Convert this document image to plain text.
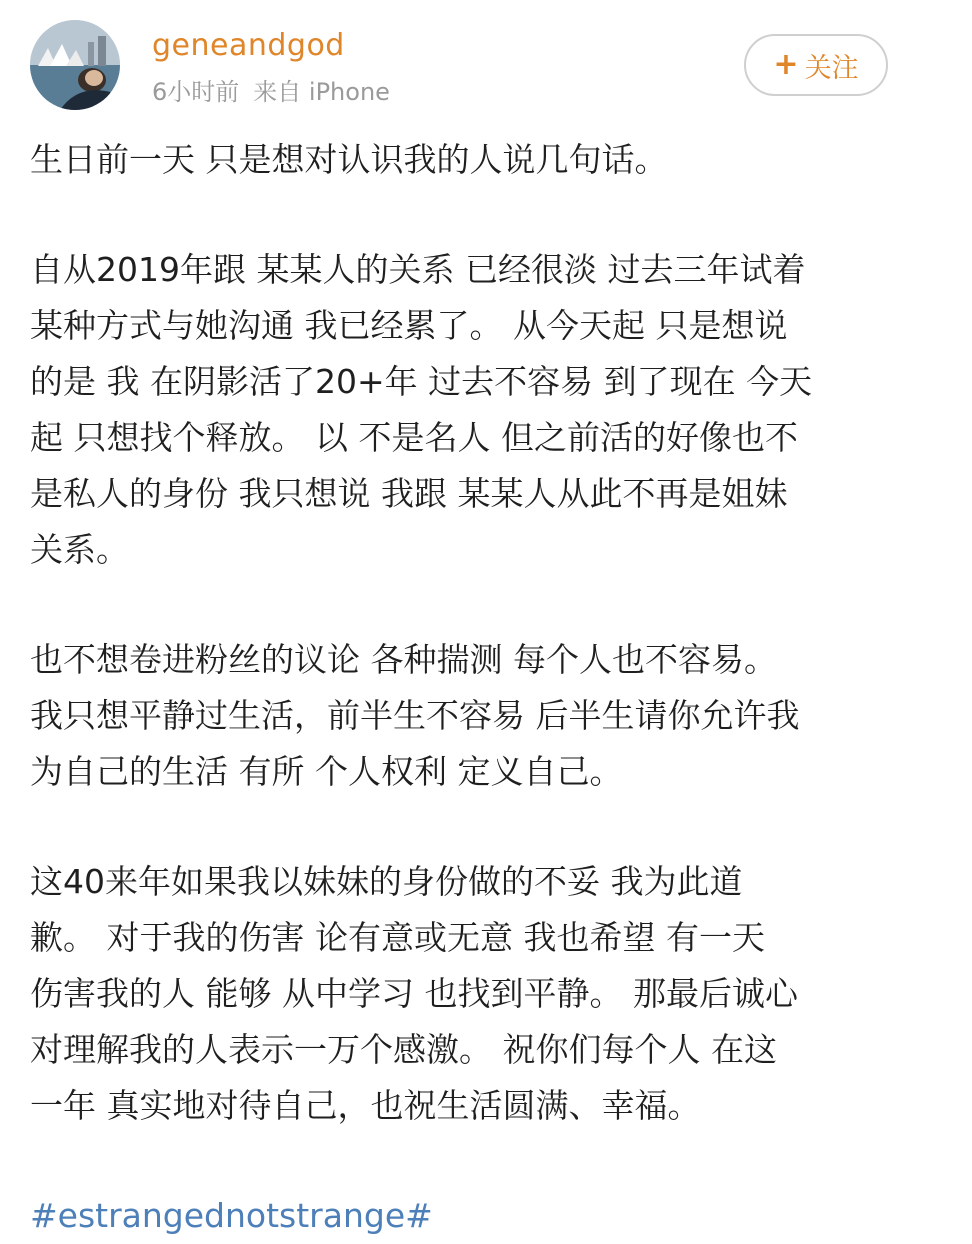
geneandgod
6小时前 来自 iPhone
+ 关注

生日前一天 只是想对认识我的人说几句话。

自从2019年跟 某某人的关系 已经很淡 过去三年试着

某种方式与她沟通 我已经累了。 从今天起 只是想说

的是 我 在阴影活了20+年 过去不容易 到了现在 今天

起 只想找个释放。 以 不是名人 但之前活的好像也不

是私人的身份 我只想说 我跟 某某人从此不再是姐妹

关系。

也不想卷进粉丝的议论 各种揣测 每个人也不容易。

我只想平静过生活，前半生不容易 后半生请你允许我

为自己的生活 有所 个人权利 定义自己。

这40来年如果我以妹妹的身份做的不妥 我为此道

歉。 对于我的伤害 论有意或无意 我也希望 有一天

伤害我的人 能够 从中学习 也找到平静。 那最后诚心

对理解我的人表示一万个感激。 祝你们每个人 在这

一年 真实地对待自己，也祝生活圆满、幸福。

#estrangednotstrange#
